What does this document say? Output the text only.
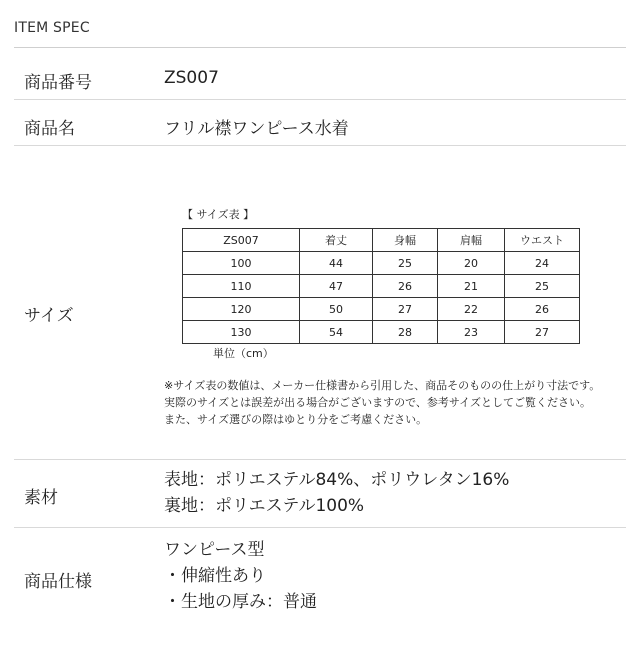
ITEM SPEC
商品番号	ZS007
商品名	フリル襟ワンピース水着
サイズ
【 サイズ表 】
ZS007	着丈	身幅	肩幅	ウエスト
100	44	25	20	24
110	47	26	21	25
120	50	27	22	26
130	54	28	23	27
単位（cm）
※サイズ表の数値は、メーカー仕様書から引用した、商品そのものの仕上がり寸法です。
実際のサイズとは誤差が出る場合がございますので、参考サイズとしてご覧ください。
また、サイズ選びの際はゆとり分をご考慮ください。
素材
表地：ポリエステル84%、ポリウレタン16%
裏地：ポリエステル100%
商品仕様
ワンピース型
・伸縮性あり
・生地の厚み：普通
